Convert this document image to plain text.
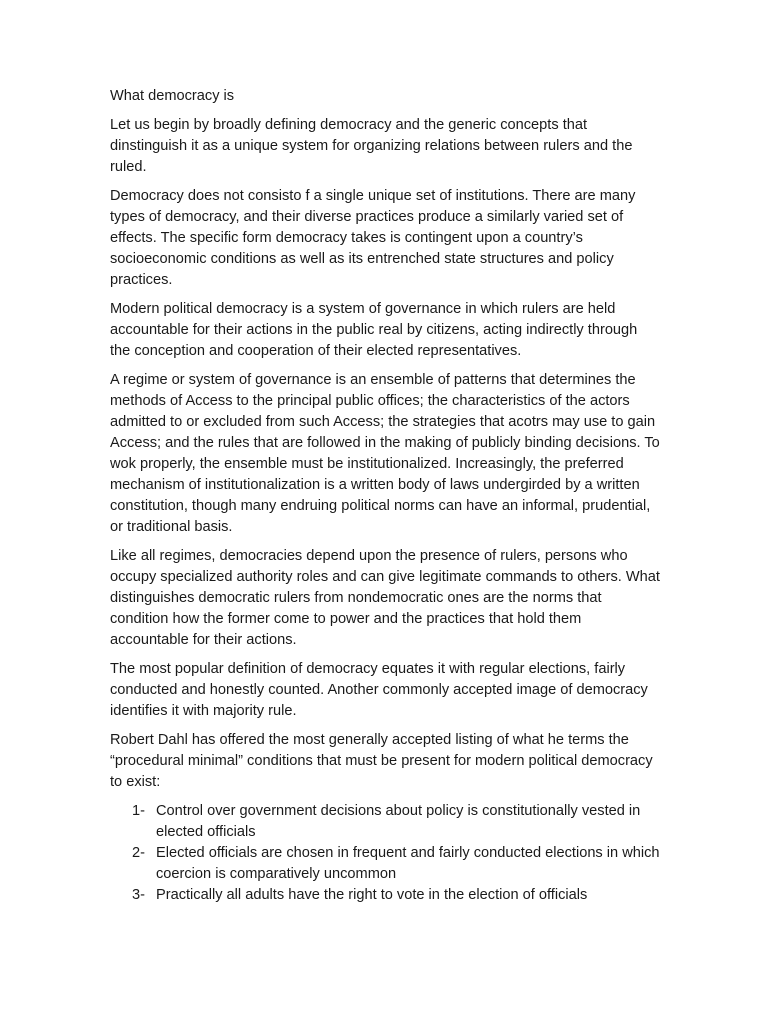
What democracy is

Let us begin by broadly defining democracy and the generic concepts that dinstinguish it as a unique system for organizing relations between rulers and the ruled.

Democracy does not consisto f a single unique set of institutions. There are many types of democracy, and their diverse practices produce a similarly varied set of effects. The specific form democracy takes is contingent upon a country’s socioeconomic conditions as well as its entrenched state structures and policy practices.

Modern political democracy is a system of governance in which rulers are held accountable for their actions in the public real by citizens, acting indirectly through the conception and cooperation of their elected representatives.

A regime or system of governance is an ensemble of patterns that determines the methods of Access to the principal public offices; the characteristics of the actors admitted to or excluded from such Access; the strategies that acotrs may use to gain Access; and the rules that are followed in the making of publicly binding decisions. To wok properly, the ensemble must be institutionalized. Increasingly, the preferred mechanism of institutionalization is a written body of laws undergirded by a written constitution, though many endruing political norms can have an informal, prudential, or traditional basis.

Like all regimes, democracies depend upon the presence of rulers, persons who occupy specialized authority roles and can give legitimate commands to others. What distinguishes democratic rulers from nondemocratic ones are the norms that condition how the former come to power and the practices that hold them accountable for their actions.

The most popular definition of democracy equates it with regular elections, fairly conducted and honestly counted. Another commonly accepted image of democracy identifies it with majority rule.

Robert Dahl has offered the most generally accepted listing of what he terms the “procedural minimal” conditions that must be present for modern political democracy to exist:

1- Control over government decisions about policy is constitutionally vested in elected officials
2- Elected officials are chosen in frequent and fairly conducted elections in which coercion is comparatively uncommon
3- Practically all adults have the right to vote in the election of officials
